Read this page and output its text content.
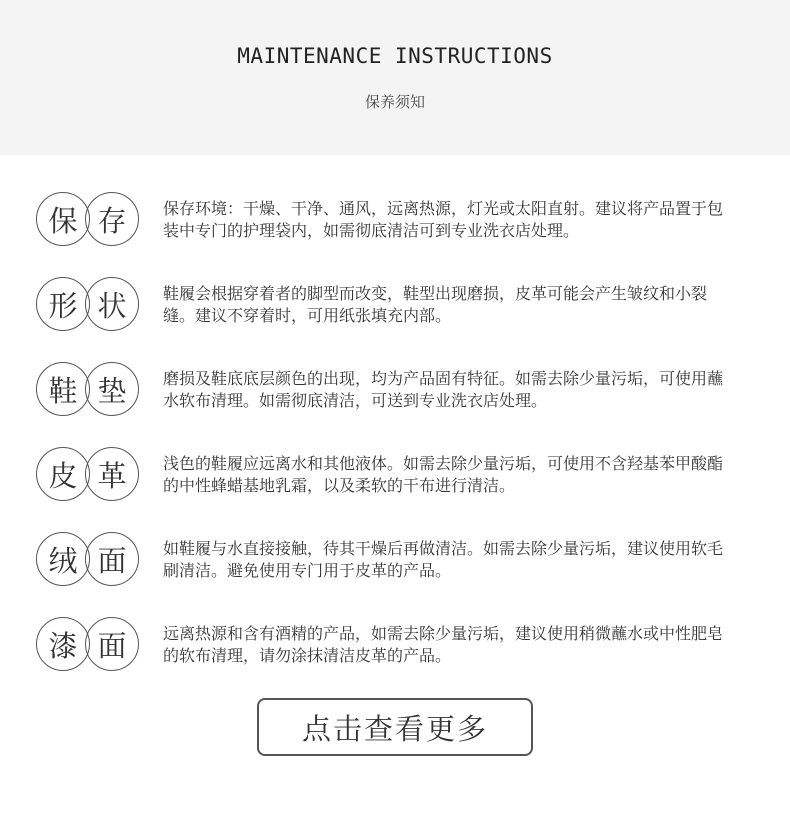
MAINTENANCE INSTRUCTIONS
保养须知
保 存	保存环境：干燥、干净、通风，远离热源，灯光或太阳直射。建议将产品置于包装中专门的护理袋内，如需彻底清洁可到专业洗衣店处理。
形 状	鞋履会根据穿着者的脚型而改变，鞋型出现磨损，皮革可能会产生皱纹和小裂缝。建议不穿着时，可用纸张填充内部。
鞋 垫	磨损及鞋底底层颜色的出现，均为产品固有特征。如需去除少量污垢，可使用蘸水软布清理。如需彻底清洁，可送到专业洗衣店处理。
皮 革	浅色的鞋履应远离水和其他液体。如需去除少量污垢，可使用不含羟基苯甲酸酯的中性蜂蜡基地乳霜，以及柔软的干布进行清洁。
绒 面	如鞋履与水直接接触，待其干燥后再做清洁。如需去除少量污垢，建议使用软毛刷清洁。避免使用专门用于皮革的产品。
漆 面	远离热源和含有酒精的产品，如需去除少量污垢，建议使用稍微蘸水或中性肥皂的软布清理，请勿涂抹清洁皮革的产品。
点击查看更多
